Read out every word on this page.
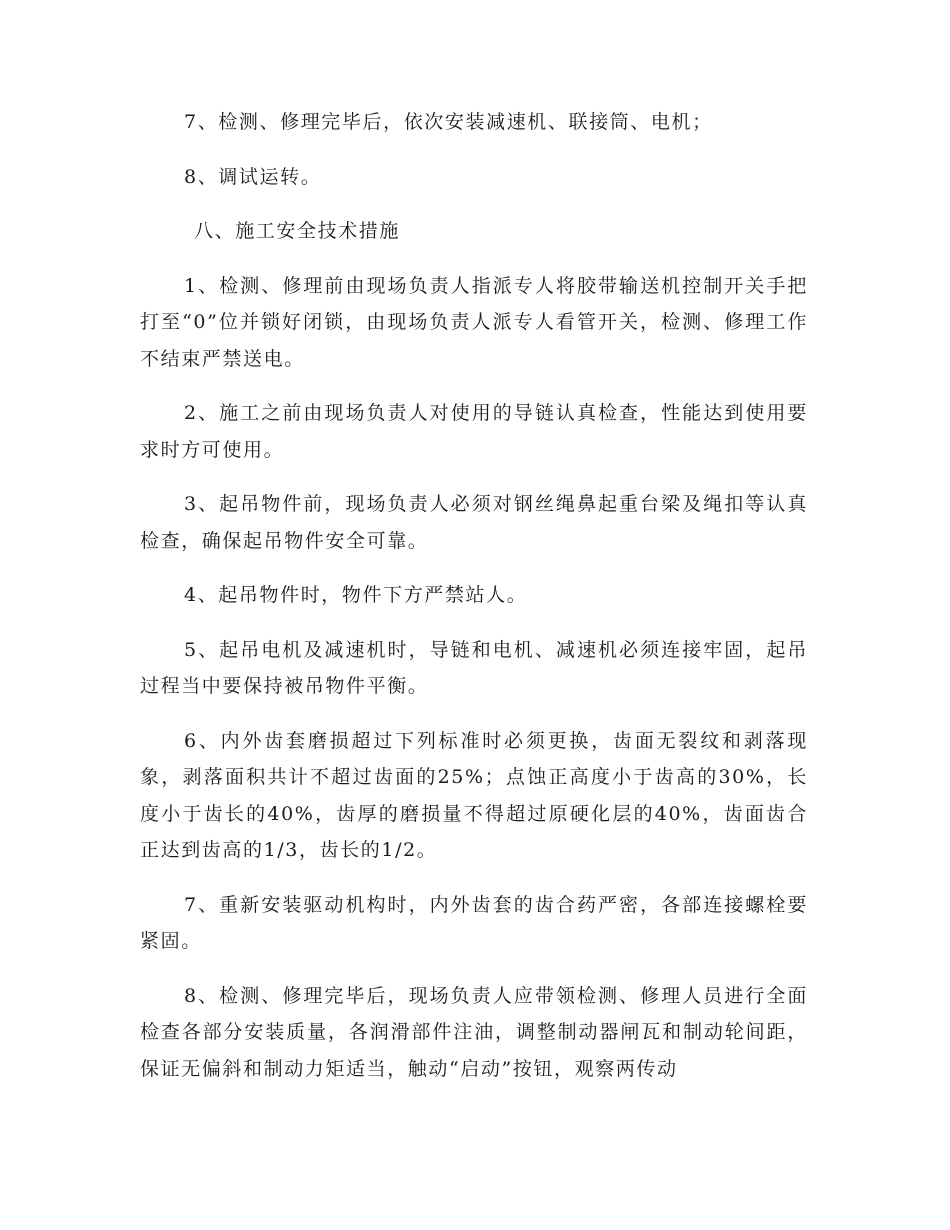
7、检测、修理完毕后，依次安装减速机、联接筒、电机；

8、调试运转。

八、施工安全技术措施

1、检测、修理前由现场负责人指派专人将胶带输送机控制开关手把打至“0”位并锁好闭锁，由现场负责人派专人看管开关，检测、修理工作不结束严禁送电。

2、施工之前由现场负责人对使用的导链认真检查，性能达到使用要求时方可使用。

3、起吊物件前，现场负责人必须对钢丝绳鼻起重台梁及绳扣等认真检查，确保起吊物件安全可靠。

4、起吊物件时，物件下方严禁站人。

5、起吊电机及减速机时，导链和电机、减速机必须连接牢固，起吊过程当中要保持被吊物件平衡。

6、内外齿套磨损超过下列标准时必须更换，齿面无裂纹和剥落现象，剥落面积共计不超过齿面的25%；点蚀正高度小于齿高的30%，长度小于齿长的40%，齿厚的磨损量不得超过原硬化层的40%，齿面齿合正达到齿高的1/3，齿长的1/2。

7、重新安装驱动机构时，内外齿套的齿合药严密，各部连接螺栓要紧固。

8、检测、修理完毕后，现场负责人应带领检测、修理人员进行全面检查各部分安装质量，各润滑部件注油，调整制动器闸瓦和制动轮间距，保证无偏斜和制动力矩适当，触动“启动”按钮，观察两传动
